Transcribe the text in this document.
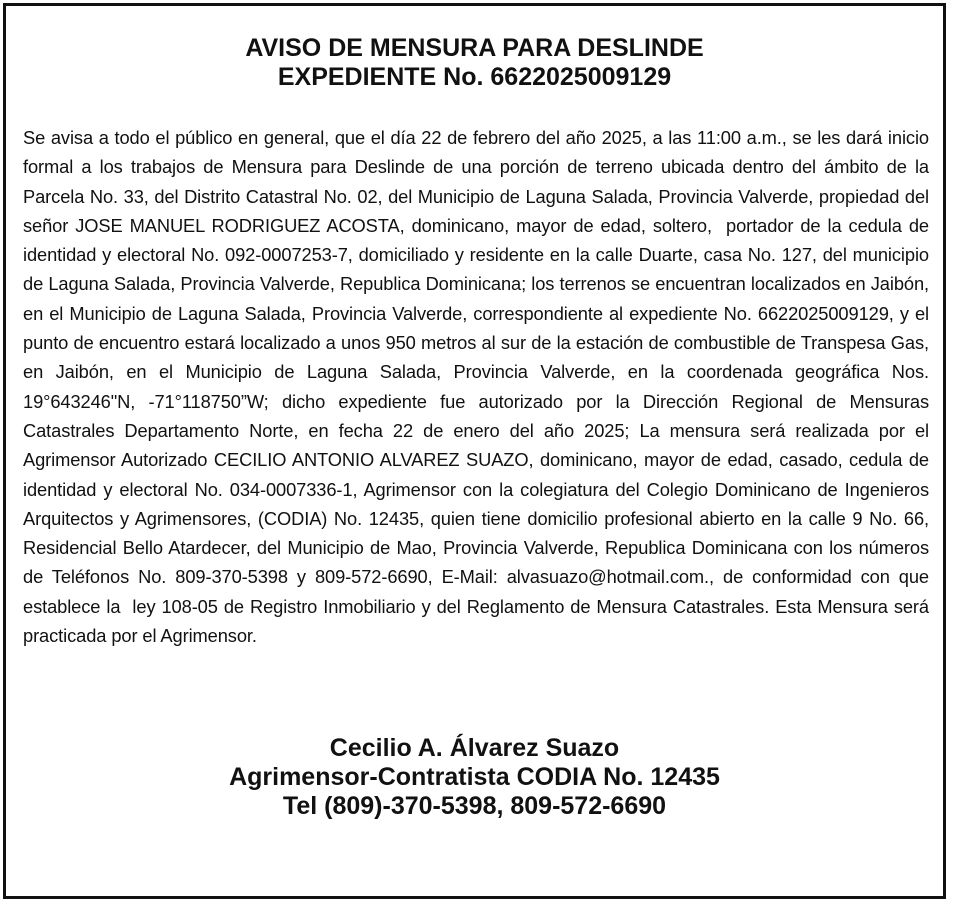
AVISO DE MENSURA PARA DESLINDE
EXPEDIENTE No. 6622025009129

Se avisa a todo el público en general, que el día 22 de febrero del año 2025, a las 11:00 a.m., se les dará inicio formal a los trabajos de Mensura para Deslinde de una porción de terreno ubicada dentro del ámbito de la Parcela No. 33, del Distrito Catastral No. 02, del Municipio de Laguna Salada, Provincia Valverde, propiedad del señor JOSE MANUEL RODRIGUEZ ACOSTA, dominicano, mayor de edad, soltero,  portador de la cedula de identidad y electoral No. 092-0007253-7, domiciliado y residente en la calle Duarte, casa No. 127, del municipio de Laguna Salada, Provincia Valverde, Republica Dominicana; los terrenos se encuentran localizados en Jaibón, en el Municipio de Laguna Salada, Provincia Valverde, correspondiente al expediente No. 6622025009129, y el punto de encuentro estará localizado a unos 950 metros al sur de la estación de combustible de Transpesa Gas, en Jaibón, en el Municipio de Laguna Salada, Provincia Valverde, en la coordenada geográfica Nos. 19°643246"N, -71°118750”W; dicho expediente fue autorizado por la Dirección Regional de Mensuras Catastrales Departamento Norte, en fecha 22 de enero del año 2025; La mensura será realizada por el Agrimensor Autorizado CECILIO ANTONIO ALVAREZ SUAZO, dominicano, mayor de edad, casado, cedula de identidad y electoral No. 034-0007336-1, Agrimensor con la colegiatura del Colegio Dominicano de Ingenieros Arquitectos y Agrimensores, (CODIA) No. 12435, quien tiene domicilio profesional abierto en la calle 9 No. 66, Residencial Bello Atardecer, del Municipio de Mao, Provincia Valverde, Republica Dominicana con los números de Teléfonos No. 809-370-5398 y 809-572-6690, E-Mail: alvasuazo@hotmail.com., de conformidad con que establece la  ley 108-05 de Registro Inmobiliario y del Reglamento de Mensura Catastrales. Esta Mensura será practicada por el Agrimensor.

Cecilio A. Álvarez Suazo

Agrimensor-Contratista CODIA No. 12435

Tel (809)-370-5398, 809-572-6690
